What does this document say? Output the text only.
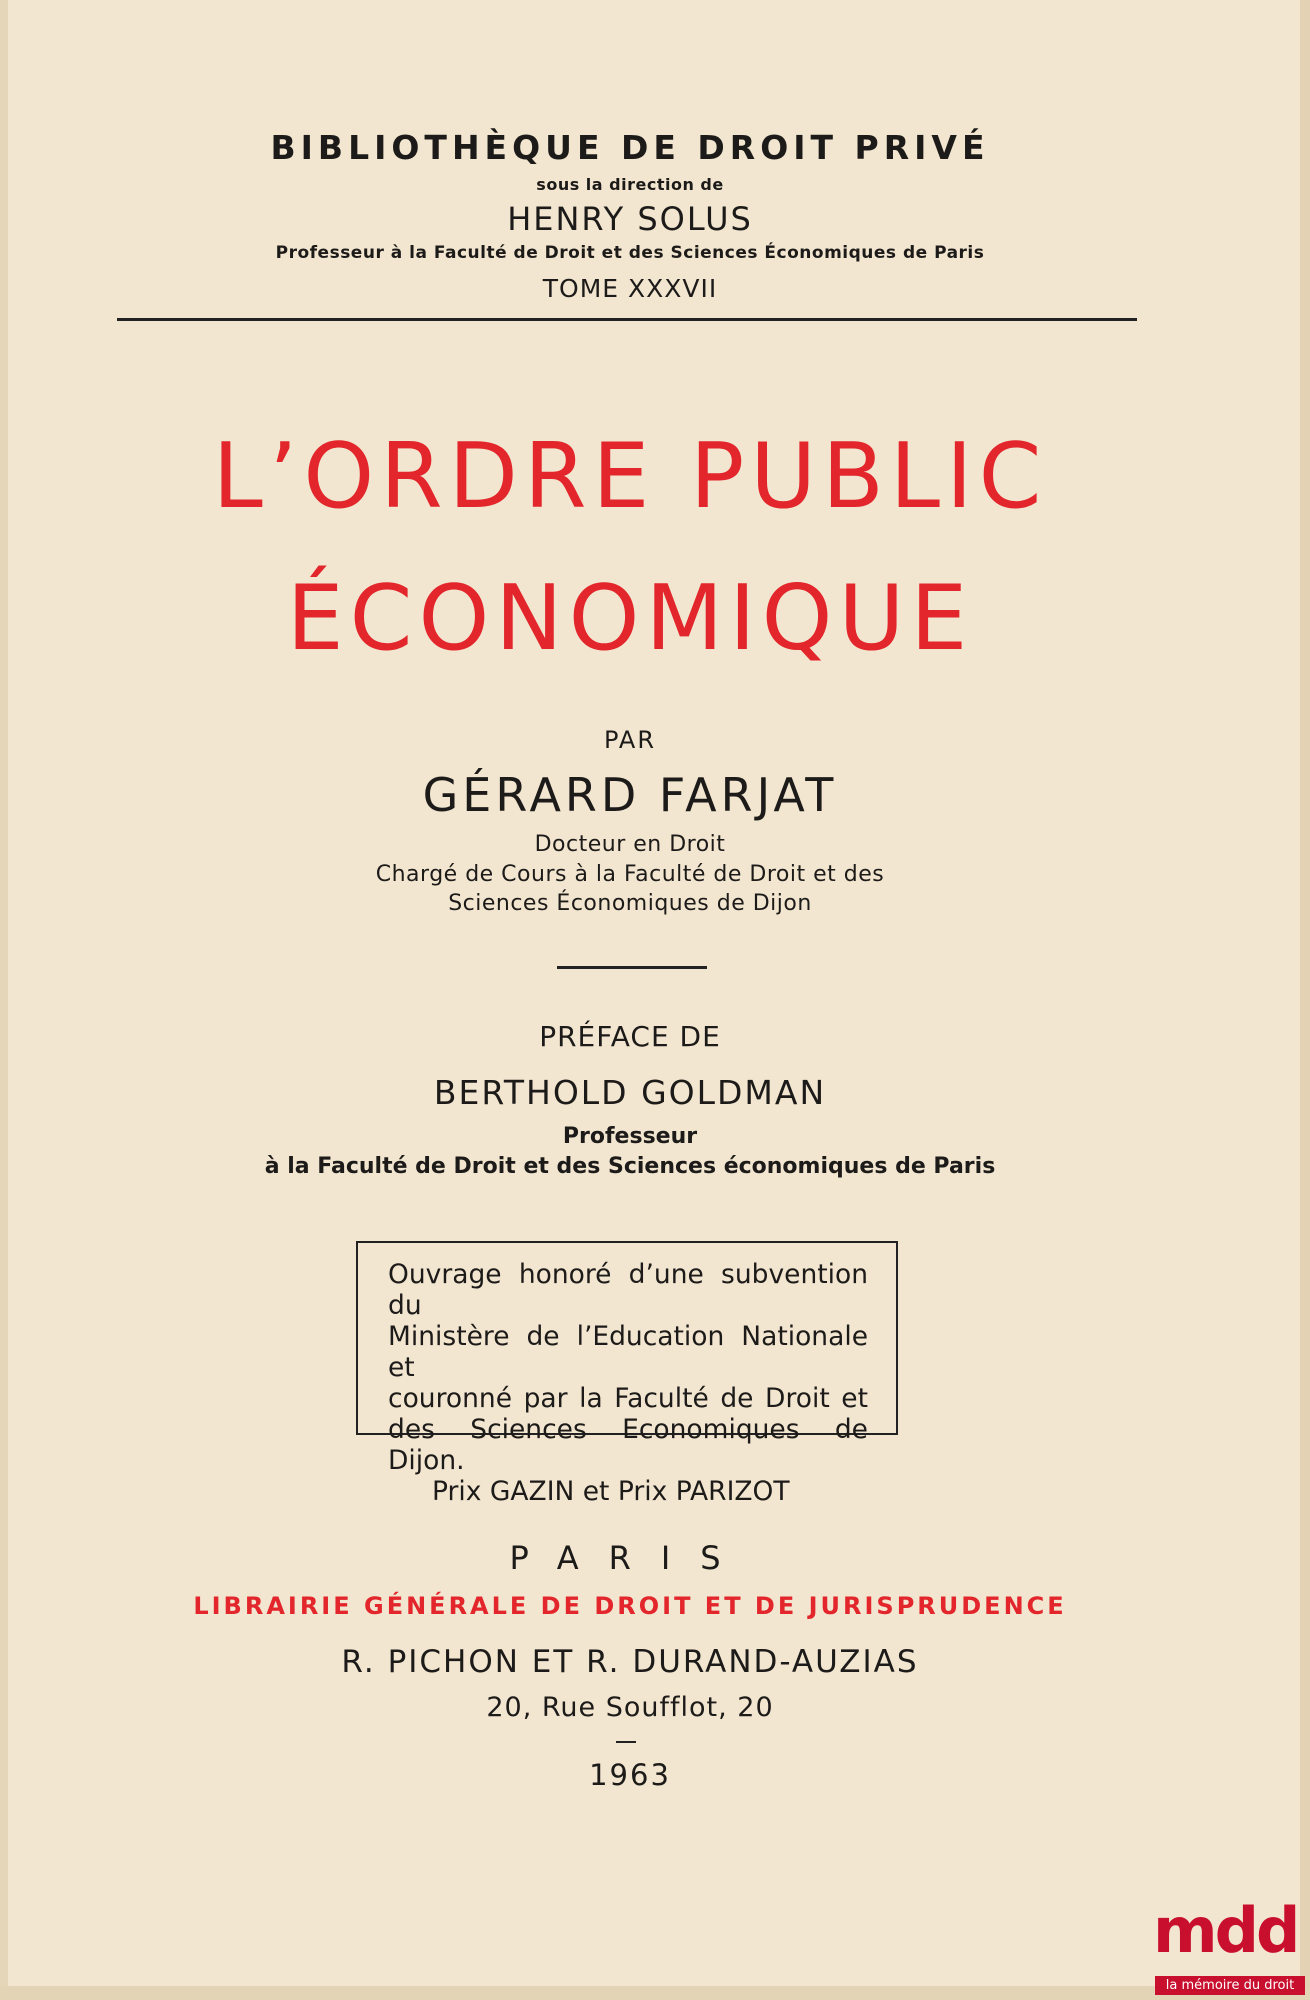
BIBLIOTHÈQUE DE DROIT PRIVÉ
sous la direction de
HENRY SOLUS
Professeur à la Faculté de Droit et des Sciences Économiques de Paris
TOME XXXVII
L’ORDRE PUBLIC
ÉCONOMIQUE
PAR
GÉRARD FARJAT
Docteur en Droit
Chargé de Cours à la Faculté de Droit et des
Sciences Économiques de Dijon
PRÉFACE DE
BERTHOLD GOLDMAN
Professeur
à la Faculté de Droit et des Sciences économiques de Paris
Ouvrage honoré d’une subvention du
Ministère de l’Education Nationale et
couronné par la Faculté de Droit et
des Sciences Economiques de Dijon.
Prix GAZIN et Prix PARIZOT
PARIS
LIBRAIRIE GÉNÉRALE DE DROIT ET DE JURISPRUDENCE
R. PICHON ET R. DURAND-AUZIAS
20, Rue Soufflot, 20
1963
mdd
la mémoire du droit
